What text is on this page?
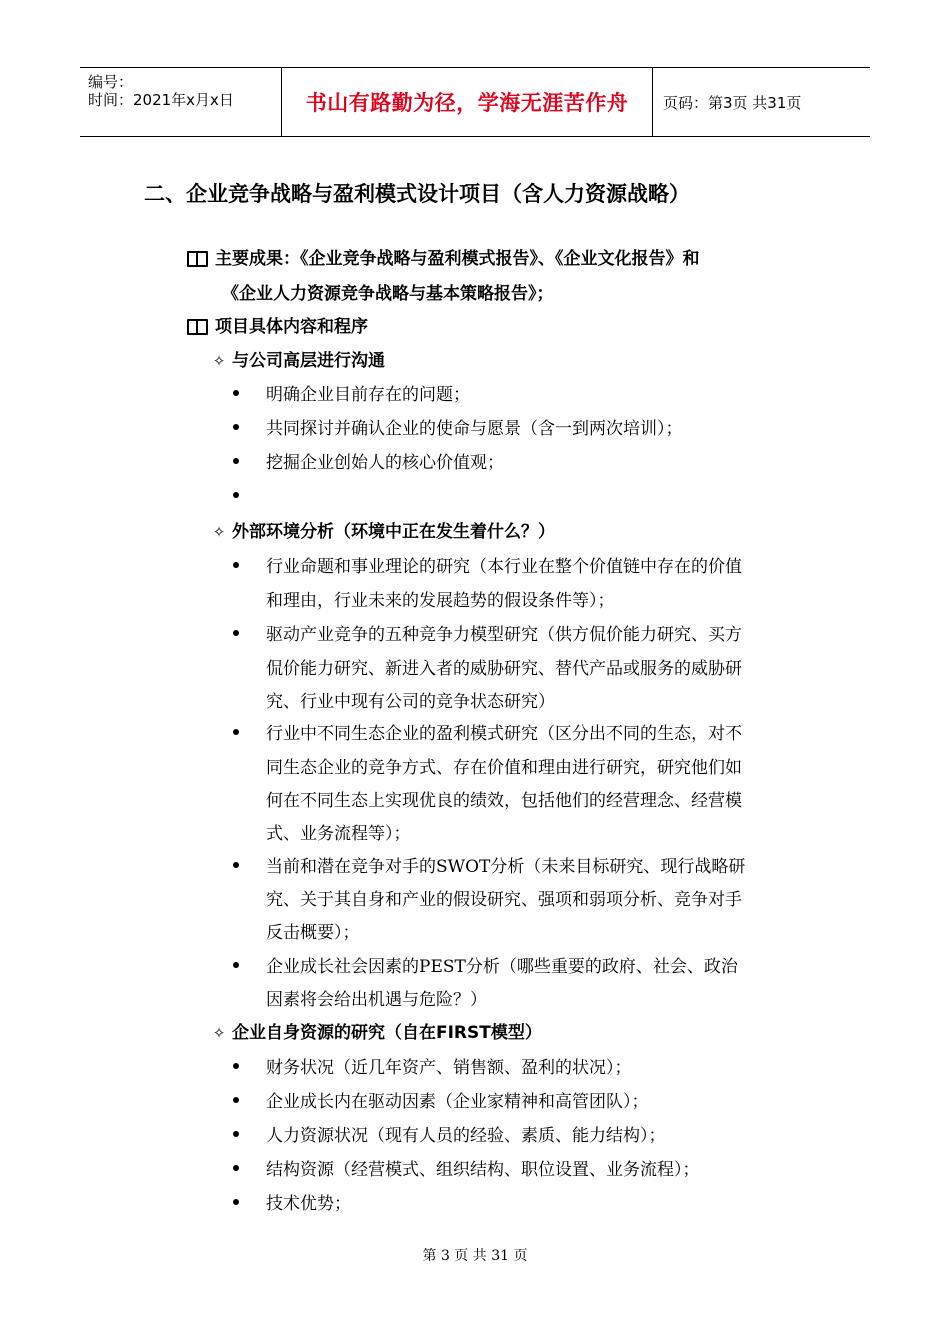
编号：
时间：2021年x月x日	书山有路勤为径，学海无涯苦作舟 页码：第3页 共31页
二、企业竞争战略与盈利模式设计项目（含人力资源战略）
主要成果：《企业竞争战略与盈利模式报告》、《企业文化报告》和
《企业人力资源竞争战略与基本策略报告》；
项目具体内容和程序
✧ 与公司高层进行沟通
明确企业目前存在的问题；
共同探讨并确认企业的使命与愿景（含一到两次培训）；
挖掘企业创始人的核心价值观；
✧ 外部环境分析（环境中正在发生着什么？）
行业命题和事业理论的研究（本行业在整个价值链中存在的价值
和理由，行业未来的发展趋势的假设条件等）；
驱动产业竞争的五种竞争力模型研究（供方侃价能力研究、买方
侃价能力研究、新进入者的威胁研究、替代产品或服务的威胁研
究、行业中现有公司的竞争状态研究）
行业中不同生态企业的盈利模式研究（区分出不同的生态，对不
同生态企业的竞争方式、存在价值和理由进行研究，研究他们如
何在不同生态上实现优良的绩效，包括他们的经营理念、经营模
式、业务流程等）；
当前和潜在竞争对手的SWOT分析（未来目标研究、现行战略研
究、关于其自身和产业的假设研究、强项和弱项分析、竞争对手
反击概要）；
企业成长社会因素的PEST分析（哪些重要的政府、社会、政治
因素将会给出机遇与危险？）
✧ 企业自身资源的研究（自在FIRST模型）
财务状况（近几年资产、销售额、盈利的状况）；
企业成长内在驱动因素（企业家精神和高管团队）；
人力资源状况（现有人员的经验、素质、能力结构）；
结构资源（经营模式、组织结构、职位设置、业务流程）；
技术优势；
第 3 页 共 31 页
